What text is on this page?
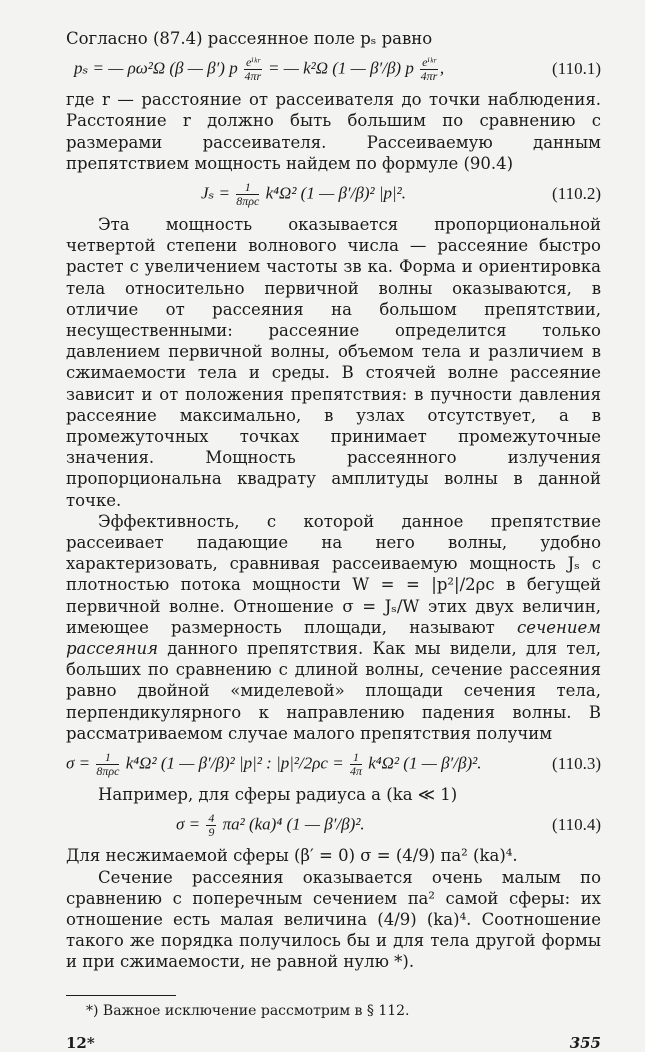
Согласно (87.4) рассеянное поле pₛ равно

pₛ = — ρω²Ω (β — β′) p $\frac{\text{eⁱᵏʳ}}{4\pi r}$ = — k²Ω (1 — β′/β) p $\frac{\text{eⁱᵏʳ}}{4\pi r}$ ,	(110.1)

где r — расстояние от рассеивателя до точки наблюдения. Расстояние r должно быть большим по сравнению с размерами рассеивателя. Рассеиваемую данным препятствием мощность найдем по формуле (90.4)

$J_s = \frac{1}{\text{8πρc}} k^4\Omega^2$ (1 — β′/β)² |p|².	(110.2)

Эта мощность оказывается пропорциональной четвертой степени волнового числа — рассеяние быстро растет с увеличением частоты зв ка. Форма и ориентировка тела относительно первичной волны оказываются, в отличие от рассеяния на большом препятствии, несущественными: рассеяние определится только давлением первичной волны, объемом тела и различием в сжимаемости тела и среды. В стоячей волне рассеяние зависит и от положения препятствия: в пучности давления рассеяние максимально, в узлах отсутствует, а в промежуточных точках принимает промежуточные значения. Мощность рассеянного излучения пропорциональна квадрату амплитуды волны в данной точке.

Эффективность, с которой данное препятствие рассеивает падающие на него волны, удобно характеризовать, сравнивая рассеиваемую мощность Jₛ с плотностью потока мощности W = = |p²|/2ρc в бегущей первичной волне. Отношение σ = Jₛ/W этих двух величин, имеющее размерность площади, называют сечением рассеяния данного препятствия. Как мы видели, для тел, больших по сравнению с длиной волны, сечение рассеяния равно двойной «миделевой» площади сечения тела, перпендикулярного к направлению падения волны. В рассматриваемом случае малого препятствия получим

$\sigma = \frac{1}{\text{8πρc}} k^4\Omega^2$ (1 — β′/β)² |p|² : $|p|^2/2\rho c = \frac{1}{4\pi} k^4\Omega^2$ (1 — β′/β)².	(110.3)

Например, для сферы радиуса a (ka ≪ 1)

$\sigma = \frac{4}{9} \pi a^2$ (ka)⁴ (1 — β′/β)².	(110.4)

Для несжимаемой сферы (β′ = 0) σ = (4/9) πa² (ka)⁴.

Сечение рассеяния оказывается очень малым по сравнению с поперечным сечением πa² самой сферы: их отношение есть малая величина (4/9) (ka)⁴. Соотношение такого же порядка получилось бы и для тела другой формы и при сжимаемости, не равной нулю *).

*) Важное исключение рассмотрим в § 112.

12*	355
